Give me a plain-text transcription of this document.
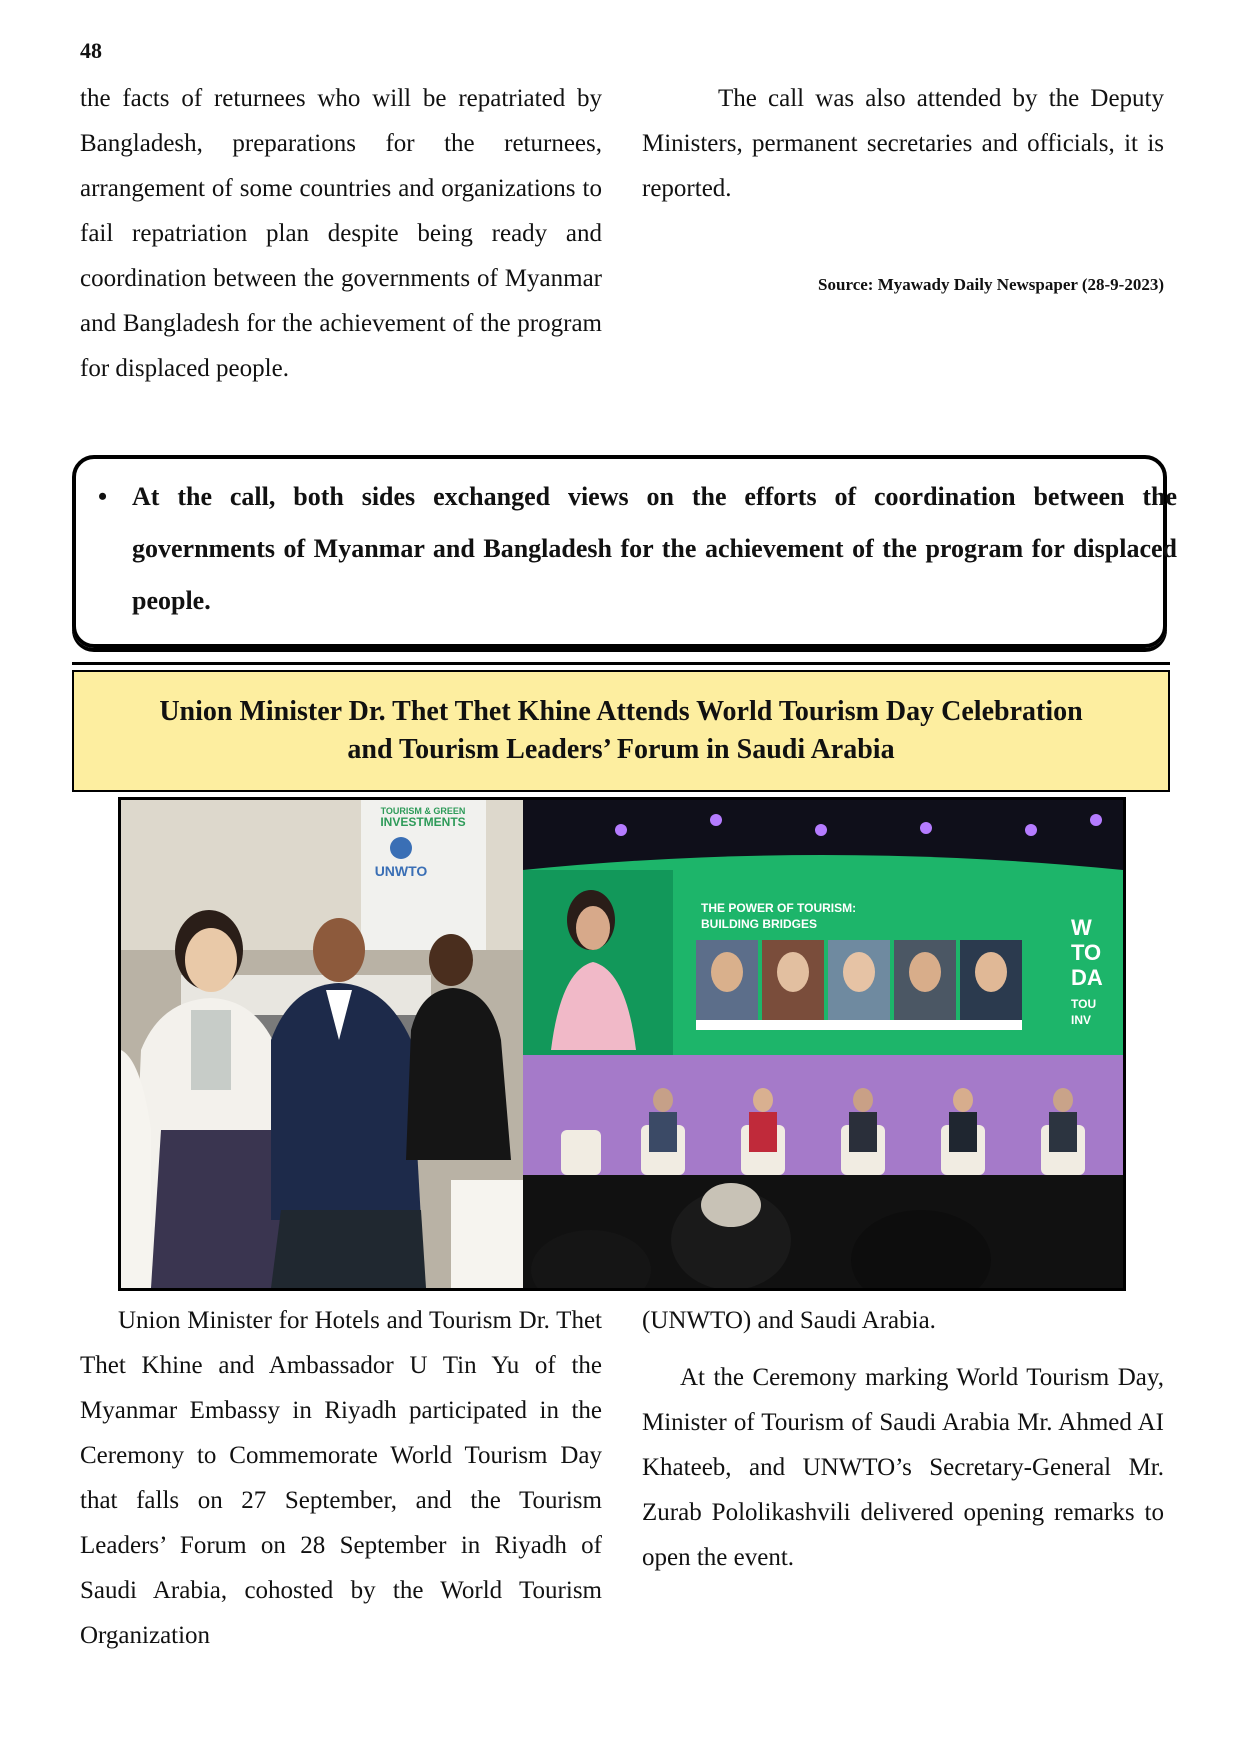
48

the facts of returnees who will be repatriated by Bangladesh, preparations for the returnees, arrangement of some countries and organizations to fail repatriation plan despite being ready and coordination between the governments of Myanmar and Bangladesh for the achievement of the program for displaced people.

The call was also attended by the Deputy Ministers, permanent secretaries and officials, it is reported.

Source: Myawady Daily Newspaper (28-9-2023)
• At the call, both sides exchanged views on the efforts of coordination between the governments of Myanmar and Bangladesh for the achievement of the program for displaced people.
Union Minister Dr. Thet Thet Khine Attends World Tourism Day Celebration
and Tourism Leaders’ Forum in Saudi Arabia
TOURISM & GREEN
INVESTMENTS
UNWTO
THE POWER OF TOURISM:
BUILDING BRIDGES	W
TO
DA
TOU
INV

Union Minister for Hotels and Tourism Dr. Thet Thet Khine and Ambassador U Tin Yu of the Myanmar Embassy in Riyadh participated in the Ceremony to Commemorate World Tourism Day that falls on 27 September, and the Tourism Leaders’ Forum on 28 September in Riyadh of Saudi Arabia, cohosted by the World Tourism Organization

(UNWTO) and Saudi Arabia.

At the Ceremony marking World Tourism Day, Minister of Tourism of Saudi Arabia Mr. Ahmed AI Khateeb, and UNWTO’s Secretary-General Mr. Zurab Pololikashvili delivered opening remarks to open the event.
